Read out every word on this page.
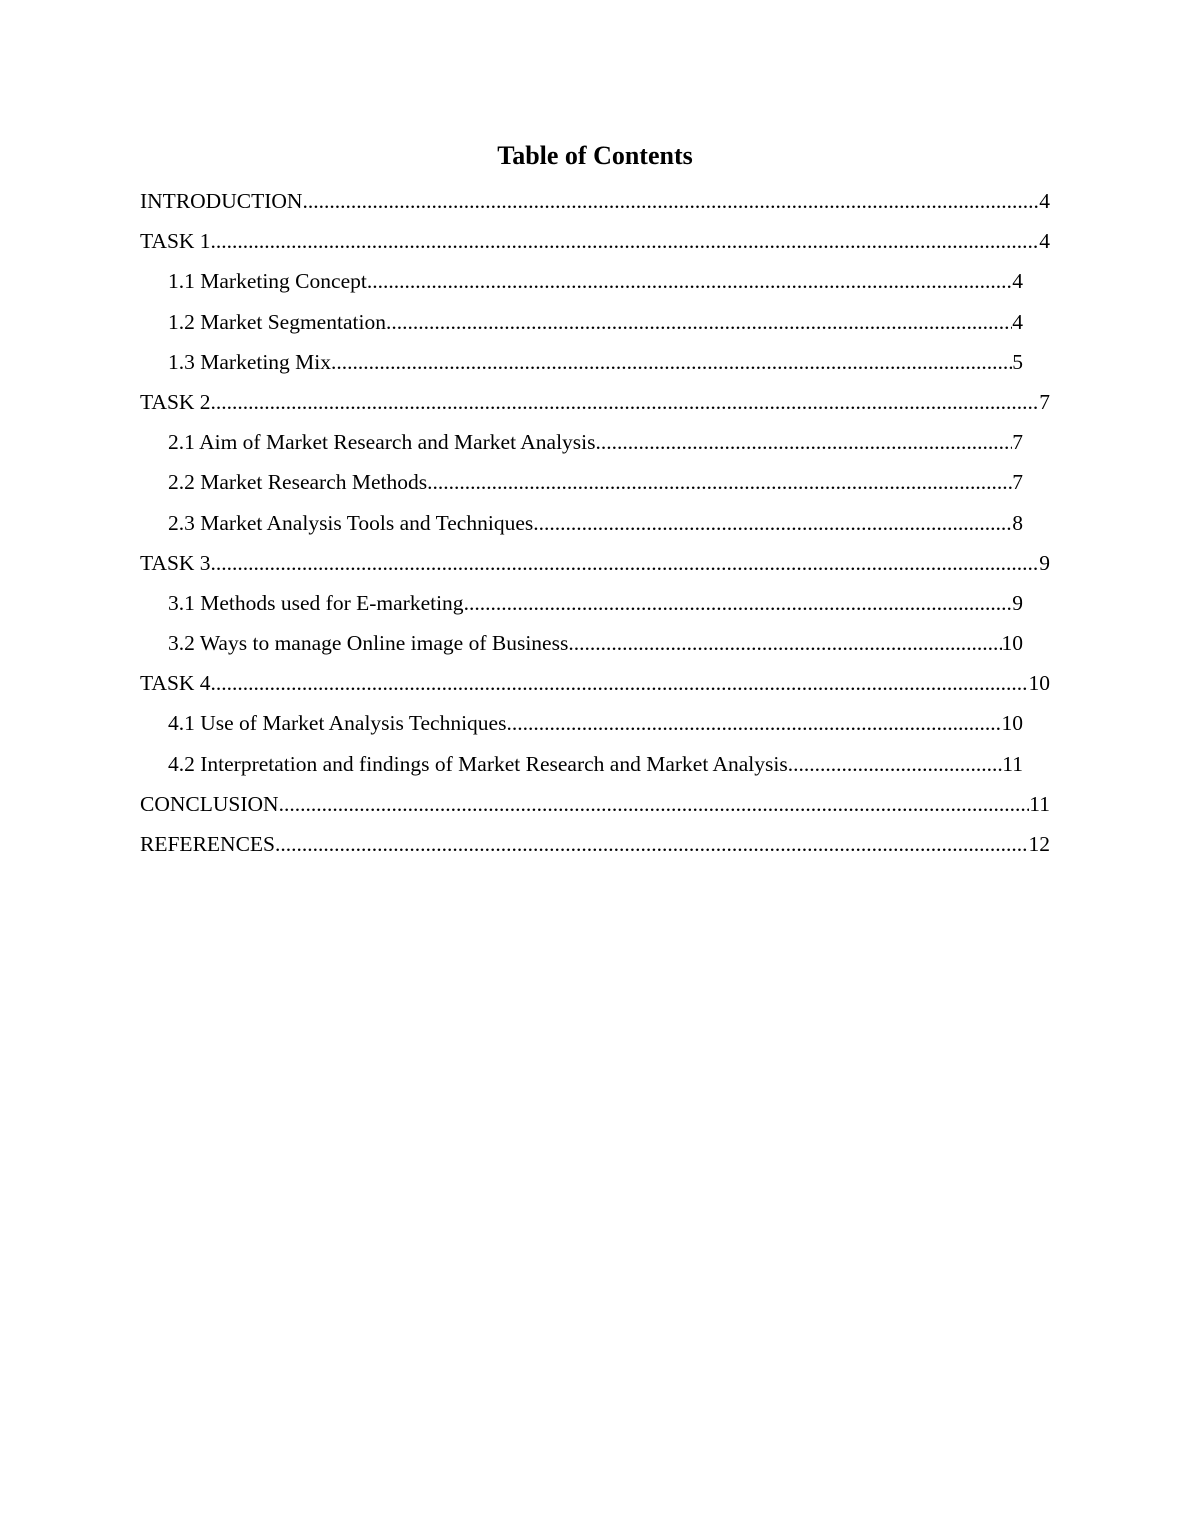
Table of Contents
INTRODUCTION .....	4
TASK 1 .....	4
1.1 Marketing Concept .....	4
1.2 Market Segmentation .....	4
1.3 Marketing Mix .....	5
TASK 2 .....	7
2.1 Aim of Market Research and Market Analysis .....	7
2.2 Market Research Methods .....	7
2.3 Market Analysis Tools and Techniques .....	8
TASK 3 .....	9
3.1 Methods used for E-marketing .....	9
3.2 Ways to manage Online image of Business .....	10
TASK 4 .....	10
4.1 Use of Market Analysis Techniques .....	10
4.2 Interpretation and findings of Market Research and Market Analysis .....	11
CONCLUSION .....	11
REFERENCES .....	12
